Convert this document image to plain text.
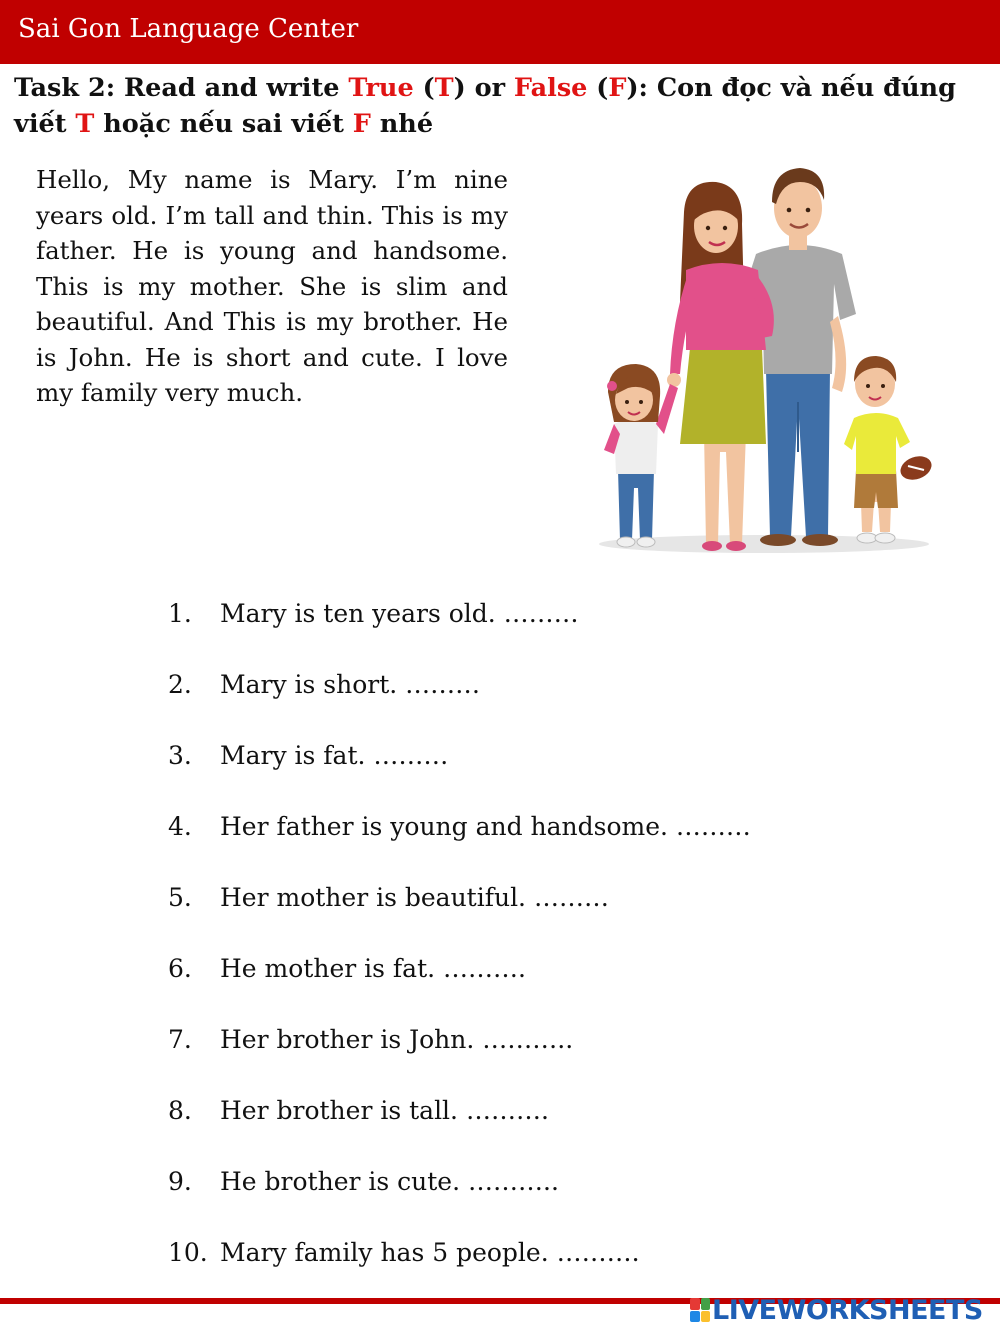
Sai Gon Language Center
Task 2: Read and write True (T) or False (F): Con đọc và nếu đúng viết T hoặc nếu sai viết F nhé
Hello, My name is Mary. I’m nine years old. I’m tall and thin. This is my father. He is young and handsome. This is my mother. She is slim and beautiful. And This is my brother. He is John. He is short and cute. I love my family very much.
1.	Mary is ten years old. ………
2.	Mary is short. ………
3.	Mary is fat. ………
4.	Her father is young and handsome. ………
5.	Her mother is beautiful. ………
6.	He mother is fat. ……….
7.	Her brother is John. ………..
8.	Her brother is tall. ……….
9.	He brother is cute. ………..
10. Mary family has 5 people. ……….
LIVEWORKSHEETS
